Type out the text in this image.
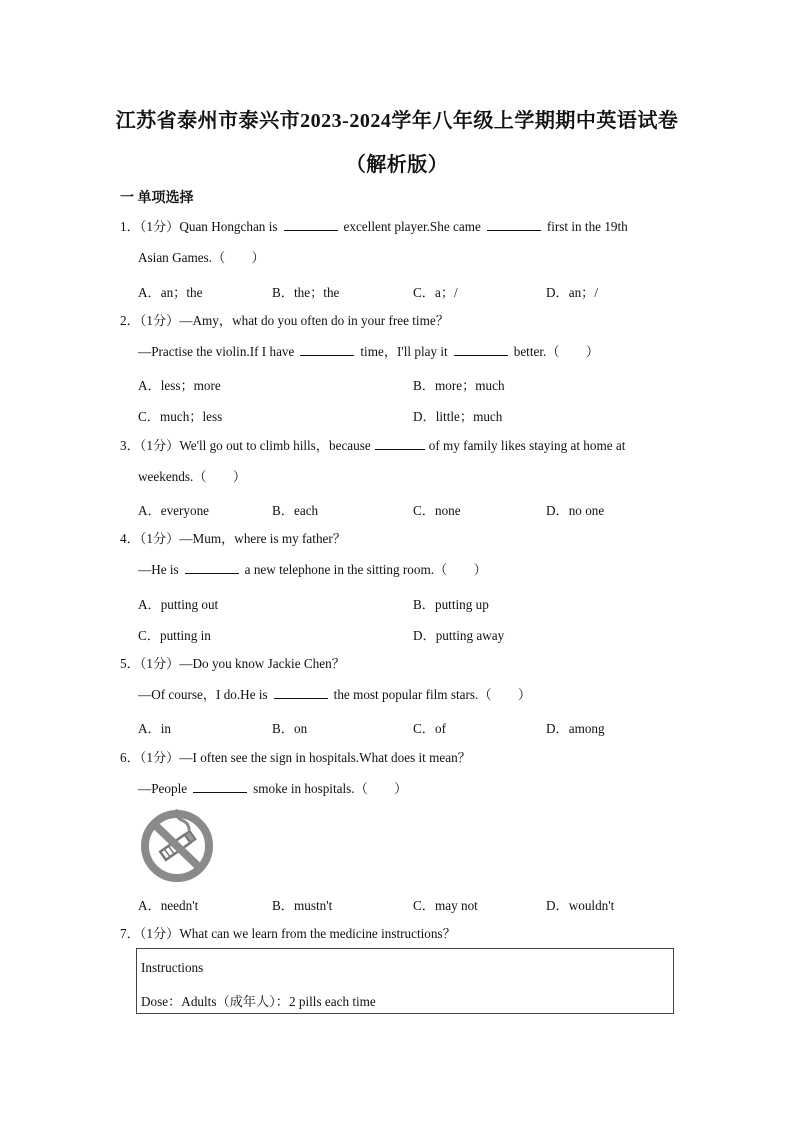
江苏省泰州市泰兴市2023-2024学年八年级上学期期中英语试卷
（解析版）
一 单项选择
1．（1分）Quan Hongchan is	excellent player.She came	first in the 19th
Asian Games.（　　）
A．an；the	B．the；the	C．a；/	D．an；/
2．（1分）—Amy，what do you often do in your free time？
—Practise the violin.If I have	time，I'll play it	better.（　　）
A．less；more	B．more；much
C．much；less	D．little；much
3．（1分）We'll go out to climb hills，because	of my family likes staying at home at
weekends.（　　）
A．everyone	B．each	C．none	D．no one
4．（1分）—Mum，where is my father？
—He is	a new telephone in the sitting room.（　　）
A．putting out	B．putting up
C．putting in	D．putting away
5．（1分）—Do you know Jackie Chen？
—Of course，I do.He is	the most popular film stars.（　　）
A．in	B．on	C．of	D．among
6．（1分）—I often see the sign in hospitals.What does it mean？
—People	smoke in hospitals.（　　）
A．needn't	B．mustn't	C．may not	D．wouldn't
7．（1分）What can we learn from the medicine instructions？
Instructions
Dose：Adults（成年人）：2 pills each time
